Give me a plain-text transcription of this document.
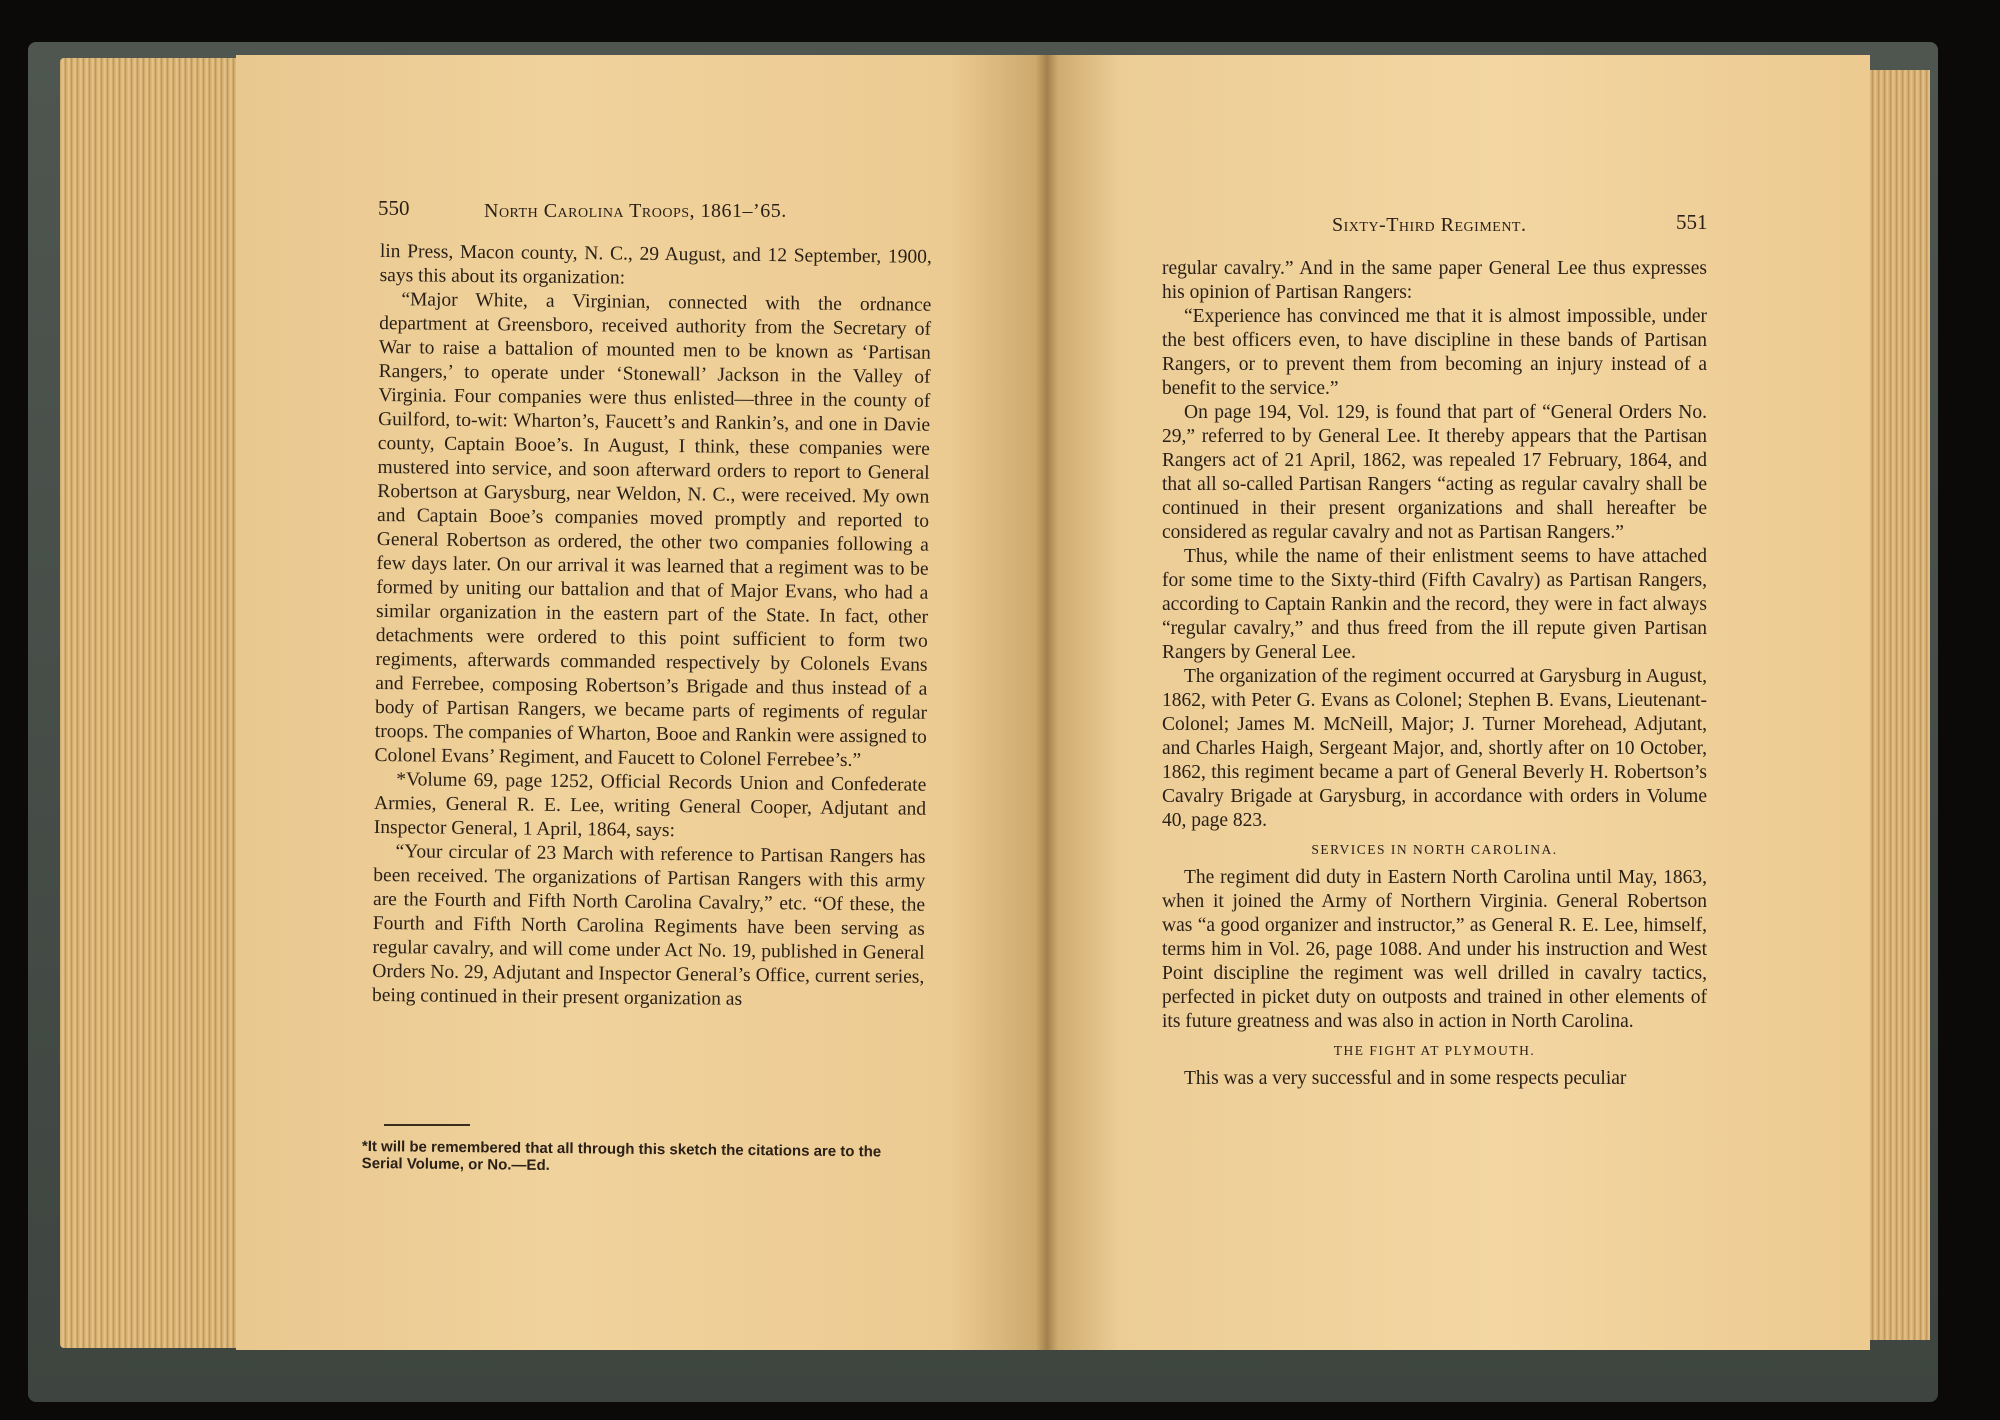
550	North Carolina Troops, 1861–’65.

lin Press, Macon county, N. C., 29 August, and 12 September, 1900, says this about its organization:

“Major White, a Virginian, connected with the ordnance department at Greensboro, received authority from the Secretary of War to raise a battalion of mounted men to be known as ‘Partisan Rangers,’ to operate under ‘Stonewall’ Jackson in the Valley of Virginia. Four companies were thus enlisted—three in the county of Guilford, to-wit: Wharton’s, Faucett’s and Rankin’s, and one in Davie county, Captain Booe’s. In August, I think, these companies were mustered into service, and soon afterward orders to report to General Robertson at Garysburg, near Weldon, N. C., were received. My own and Captain Booe’s companies moved promptly and reported to General Robertson as ordered, the other two companies following a few days later. On our arrival it was learned that a regiment was to be formed by uniting our battalion and that of Major Evans, who had a similar organization in the eastern part of the State. In fact, other detachments were ordered to this point sufficient to form two regiments, afterwards commanded respectively by Colonels Evans and Ferrebee, composing Robertson’s Brigade and thus instead of a body of Partisan Rangers, we became parts of regiments of regular troops. The companies of Wharton, Booe and Rankin were assigned to Colonel Evans’ Regiment, and Faucett to Colonel Ferrebee’s.”

*Volume 69, page 1252, Official Records Union and Confederate Armies, General R. E. Lee, writing General Cooper, Adjutant and Inspector General, 1 April, 1864, says:

“Your circular of 23 March with reference to Partisan Rangers has been received. The organizations of Partisan Rangers with this army are the Fourth and Fifth North Carolina Cavalry,” etc. “Of these, the Fourth and Fifth North Carolina Regiments have been serving as regular cavalry, and will come under Act No. 19, published in General Orders No. 29, Adjutant and Inspector General’s Office, current series, being continued in their present organization as

*It will be remembered that all through this sketch the citations are to the Serial Volume, or No.—Ed.
Sixty-Third Regiment.	551

regular cavalry.” And in the same paper General Lee thus expresses his opinion of Partisan Rangers:

“Experience has convinced me that it is almost impossible, under the best officers even, to have discipline in these bands of Partisan Rangers, or to prevent them from becoming an injury instead of a benefit to the service.”

On page 194, Vol. 129, is found that part of “General Orders No. 29,” referred to by General Lee. It thereby appears that the Partisan Rangers act of 21 April, 1862, was repealed 17 February, 1864, and that all so-called Partisan Rangers “acting as regular cavalry shall be continued in their present organizations and shall hereafter be considered as regular cavalry and not as Partisan Rangers.”

Thus, while the name of their enlistment seems to have attached for some time to the Sixty-third (Fifth Cavalry) as Partisan Rangers, according to Captain Rankin and the record, they were in fact always “regular cavalry,” and thus freed from the ill repute given Partisan Rangers by General Lee.

The organization of the regiment occurred at Garysburg in August, 1862, with Peter G. Evans as Colonel; Stephen B. Evans, Lieutenant-Colonel; James M. McNeill, Major; J. Turner Morehead, Adjutant, and Charles Haigh, Sergeant Major, and, shortly after on 10 October, 1862, this regiment became a part of General Beverly H. Robertson’s Cavalry Brigade at Garysburg, in accordance with orders in Volume 40, page 823.

SERVICES IN NORTH CAROLINA.

The regiment did duty in Eastern North Carolina until May, 1863, when it joined the Army of Northern Virginia. General Robertson was “a good organizer and instructor,” as General R. E. Lee, himself, terms him in Vol. 26, page 1088. And under his instruction and West Point discipline the regiment was well drilled in cavalry tactics, perfected in picket duty on outposts and trained in other elements of its future greatness and was also in action in North Carolina.

THE FIGHT AT PLYMOUTH.

This was a very successful and in some respects peculiar
